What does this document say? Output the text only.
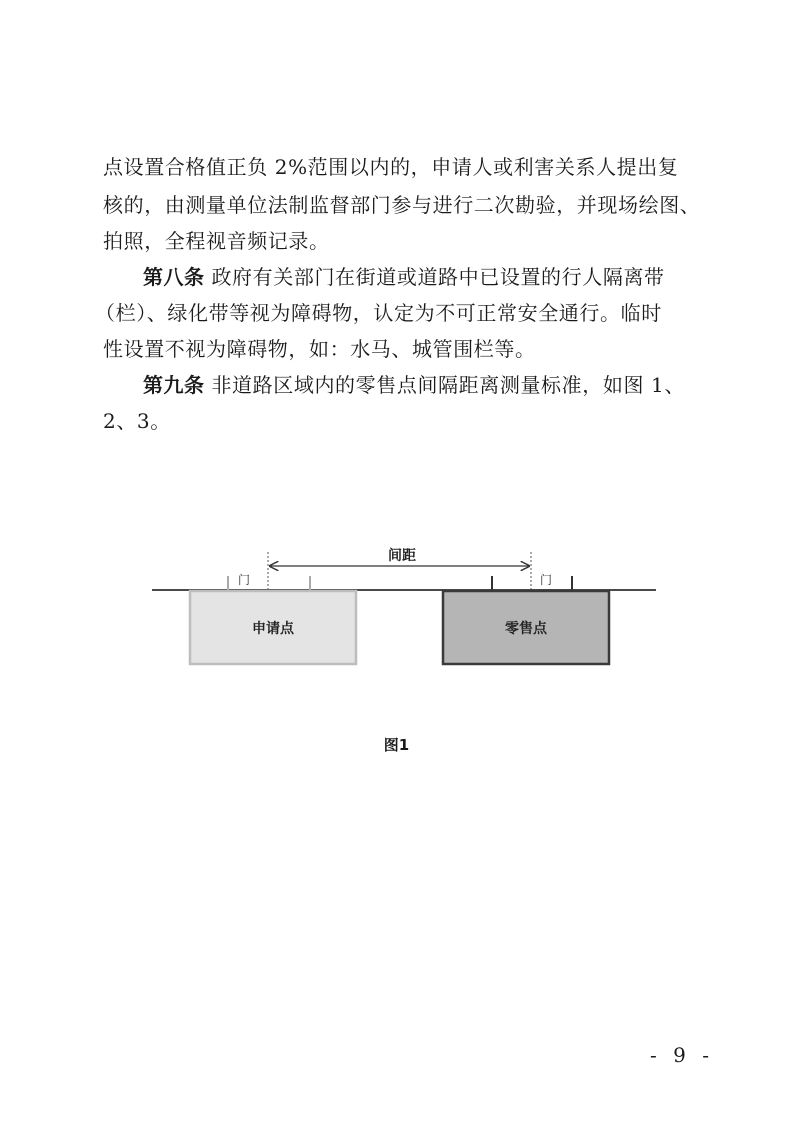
点设置合格值正负 2%范围以内的，申请人或利害关系人提出复
核的，由测量单位法制监督部门参与进行二次勘验，并现场绘图、
拍照，全程视音频记录。
第八条 政府有关部门在街道或道路中已设置的行人隔离带
（栏）、绿化带等视为障碍物，认定为不可正常安全通行。临时
性设置不视为障碍物，如：水马、城管围栏等。
第九条 非道路区域内的零售点间隔距离测量标准，如图 1、
2、3。
间距
门	门
申请点	零售点
图1
- 9 -
